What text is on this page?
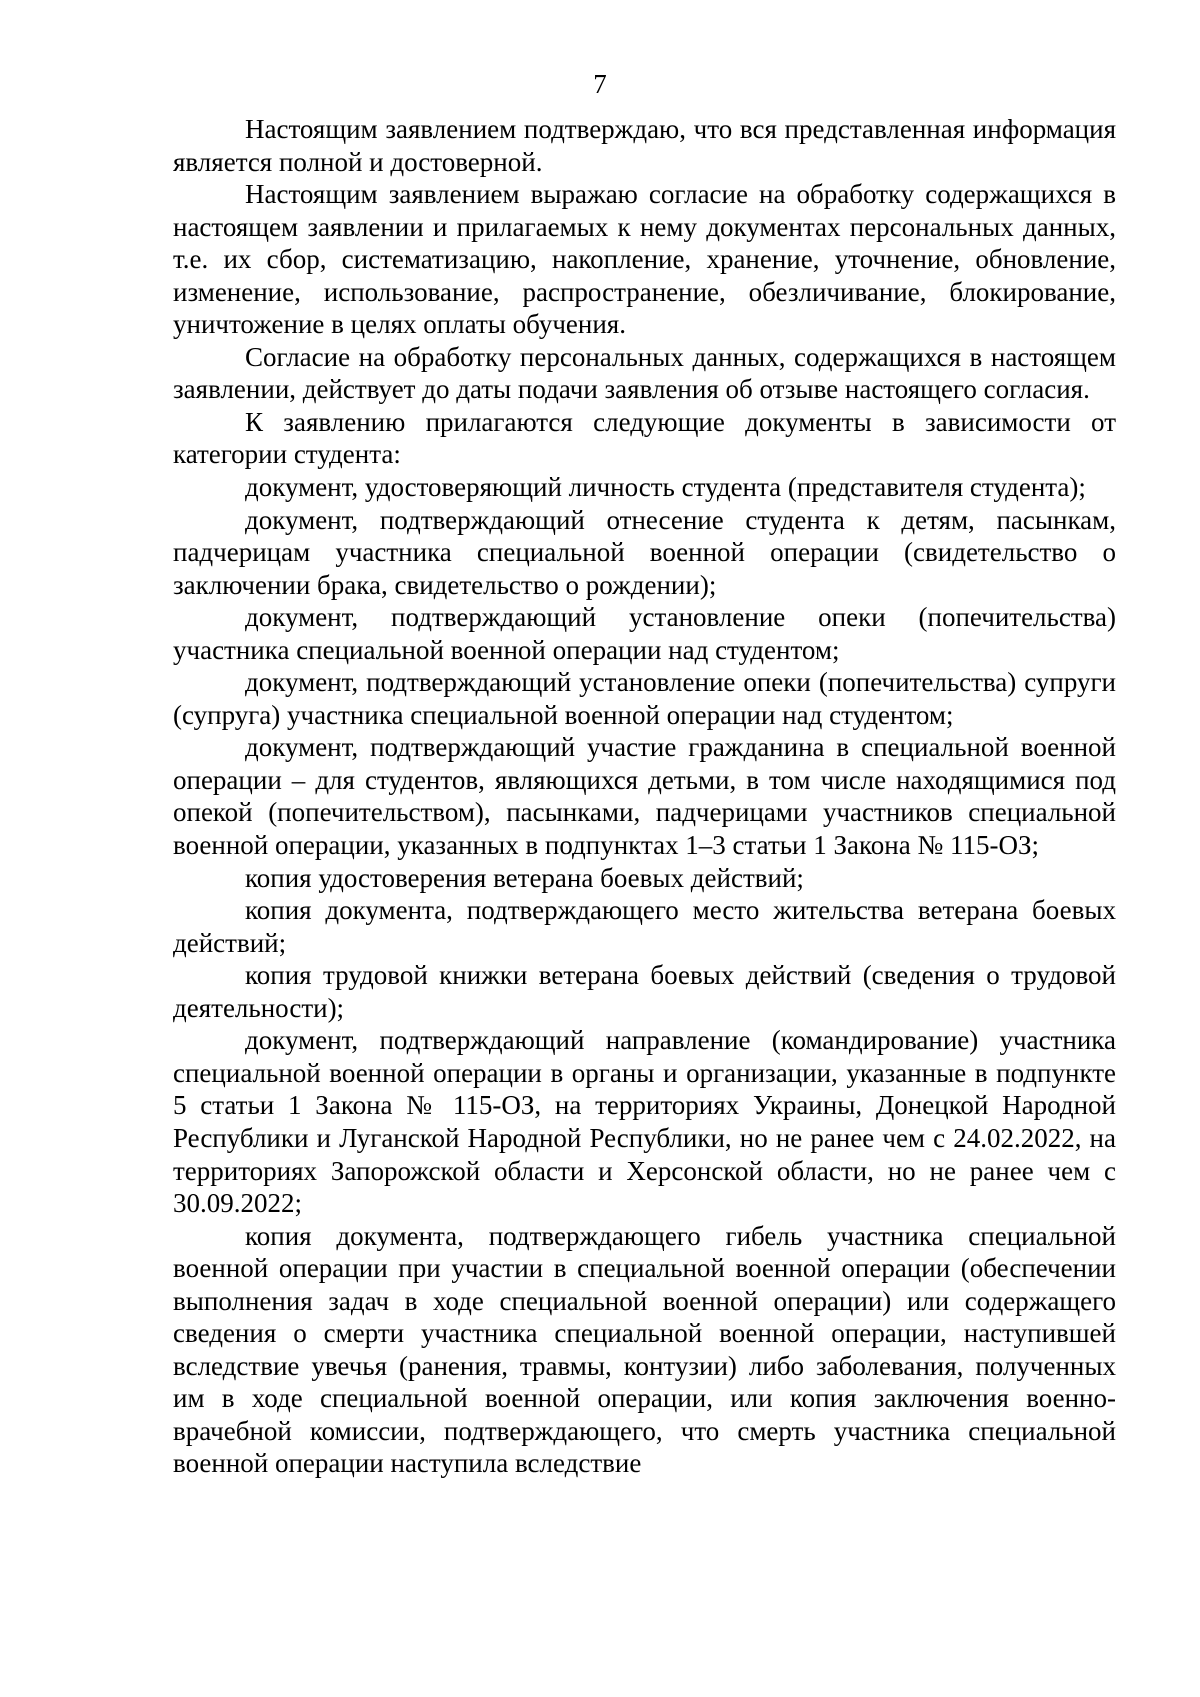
7

Настоящим заявлением подтверждаю, что вся представленная информация является полной и достоверной.

Настоящим заявлением выражаю согласие на обработку содержащихся в настоящем заявлении и прилагаемых к нему документах персональных данных, т.е. их сбор, систематизацию, накопление, хранение, уточнение, обновление, изменение, использование, распространение, обезличивание, блокирование, уничтожение в целях оплаты обучения.

Согласие на обработку персональных данных, содержащихся в настоящем заявлении, действует до даты подачи заявления об отзыве настоящего согласия.

К заявлению прилагаются следующие документы в зависимости от категории студента:

документ, удостоверяющий личность студента (представителя студента);

документ, подтверждающий отнесение студента к детям, пасынкам, падчерицам участника специальной военной операции (свидетельство о заключении брака, свидетельство о рождении);

документ, подтверждающий установление опеки (попечительства) участника специальной военной операции над студентом;

документ, подтверждающий установление опеки (попечительства) супруги (супруга) участника специальной военной операции над студентом;

документ, подтверждающий участие гражданина в специальной военной операции – для студентов, являющихся детьми, в том числе находящимися под опекой (попечительством), пасынками, падчерицами участников специальной военной операции, указанных в подпунктах 1–3 статьи 1 Закона № 115-ОЗ;

копия удостоверения ветерана боевых действий;

копия документа, подтверждающего место жительства ветерана боевых действий;

копия трудовой книжки ветерана боевых действий (сведения о трудовой деятельности);

документ, подтверждающий направление (командирование) участника специальной военной операции в органы и организации, указанные в подпункте 5 статьи 1 Закона № 115-ОЗ, на территориях Украины, Донецкой Народной Республики и Луганской Народной Республики, но не ранее чем с 24.02.2022, на территориях Запорожской области и Херсонской области, но не ранее чем с 30.09.2022;

копия документа, подтверждающего гибель участника специальной военной операции при участии в специальной военной операции (обеспечении выполнения задач в ходе специальной военной операции) или содержащего сведения о смерти участника специальной военной операции, наступившей вследствие увечья (ранения, травмы, контузии) либо заболевания, полученных им в ходе специальной военной операции, или копия заключения военно-врачебной комиссии, подтверждающего, что смерть участника специальной военной операции наступила вследствие
